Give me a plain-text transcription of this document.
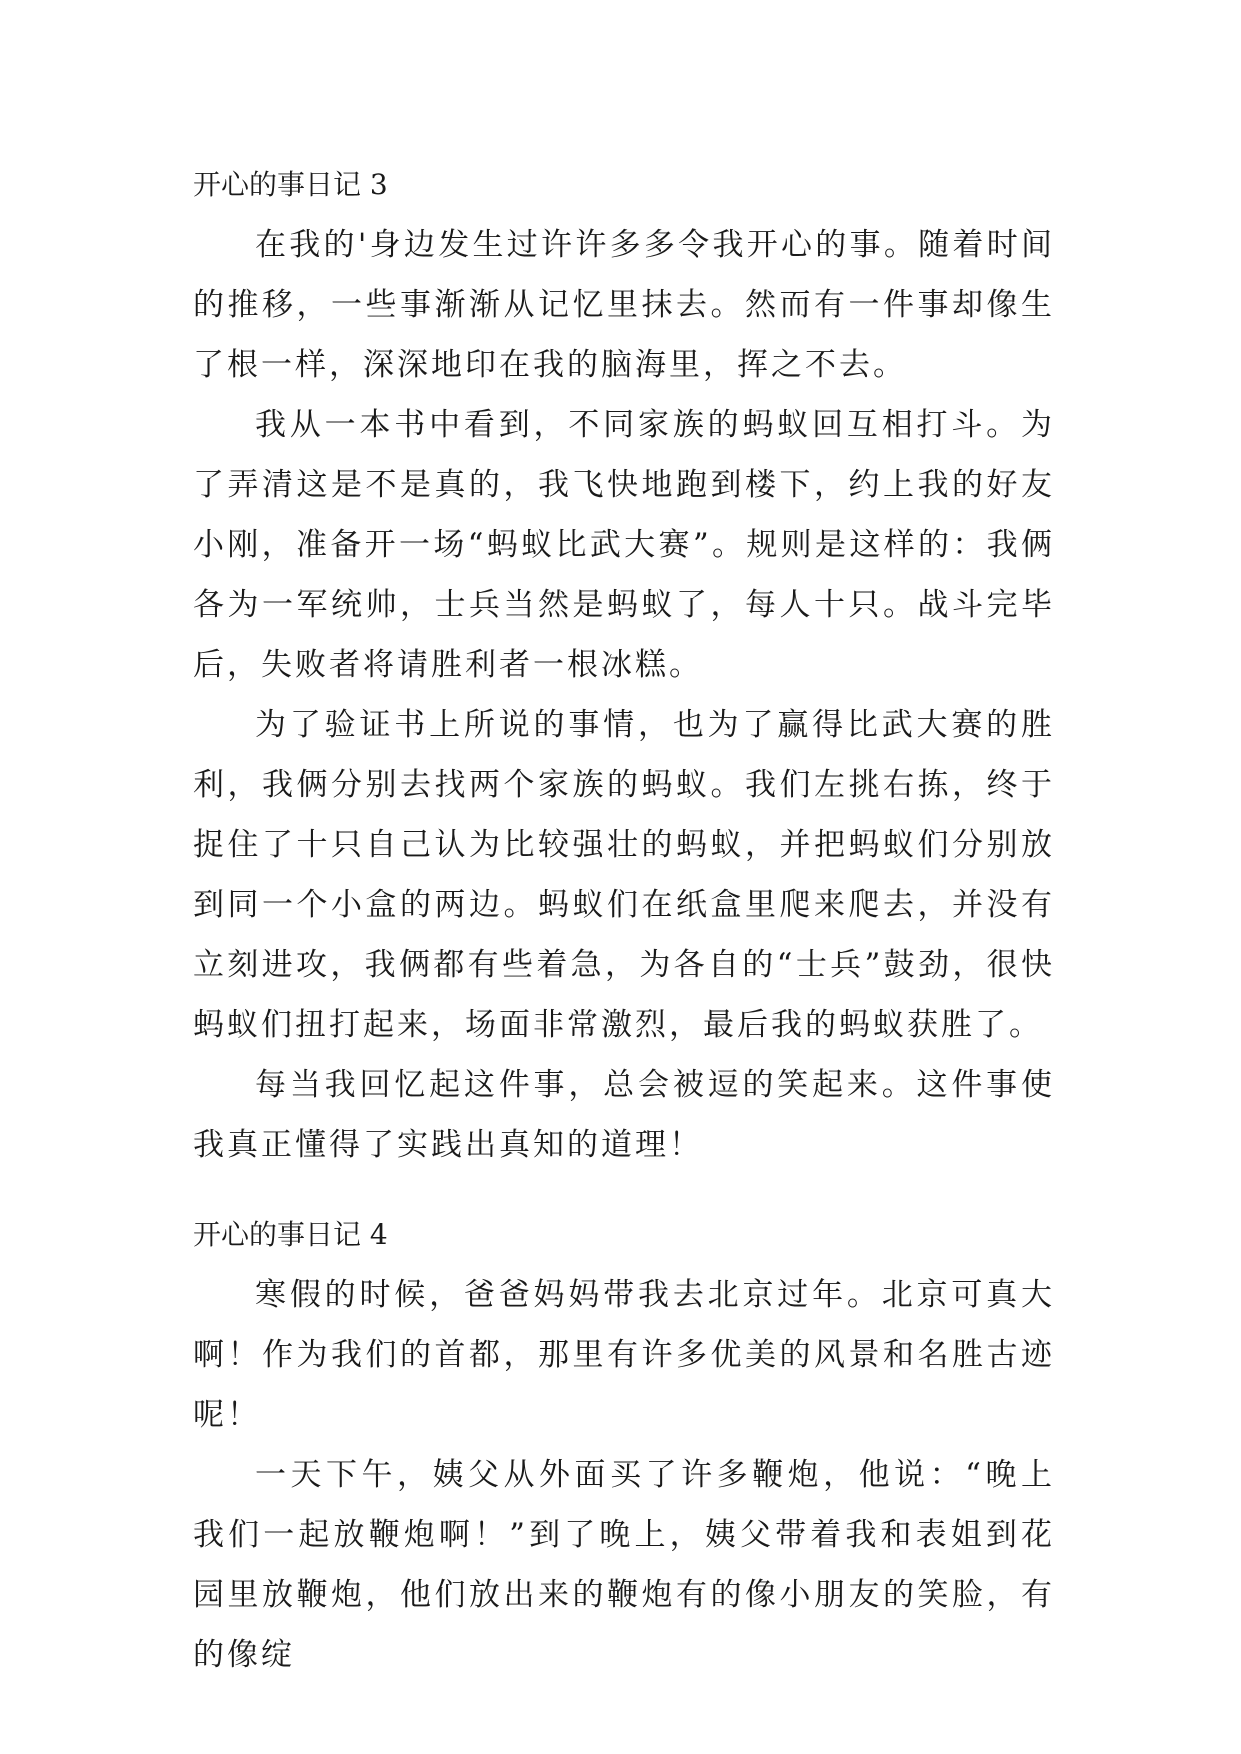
开心的事日记 3

在我的'身边发生过许许多多令我开心的事。随着时间的推移，一些事渐渐从记忆里抹去。然而有一件事却像生了根一样，深深地印在我的脑海里，挥之不去。

我从一本书中看到，不同家族的蚂蚁回互相打斗。为了弄清这是不是真的，我飞快地跑到楼下，约上我的好友小刚，准备开一场“蚂蚁比武大赛”。规则是这样的：我俩各为一军统帅，士兵当然是蚂蚁了，每人十只。战斗完毕后，失败者将请胜利者一根冰糕。

为了验证书上所说的事情，也为了赢得比武大赛的胜利，我俩分别去找两个家族的蚂蚁。我们左挑右拣，终于捉住了十只自己认为比较强壮的蚂蚁，并把蚂蚁们分别放到同一个小盒的两边。蚂蚁们在纸盒里爬来爬去，并没有立刻进攻，我俩都有些着急，为各自的“士兵”鼓劲，很快蚂蚁们扭打起来，场面非常激烈，最后我的蚂蚁获胜了。

每当我回忆起这件事，总会被逗的笑起来。这件事使我真正懂得了实践出真知的道理！

开心的事日记 4

寒假的时候，爸爸妈妈带我去北京过年。北京可真大啊！作为我们的首都，那里有许多优美的风景和名胜古迹呢！

一天下午，姨父从外面买了许多鞭炮，他说：“晚上我们一起放鞭炮啊！”到了晚上，姨父带着我和表姐到花园里放鞭炮，他们放出来的鞭炮有的像小朋友的笑脸，有的像绽
